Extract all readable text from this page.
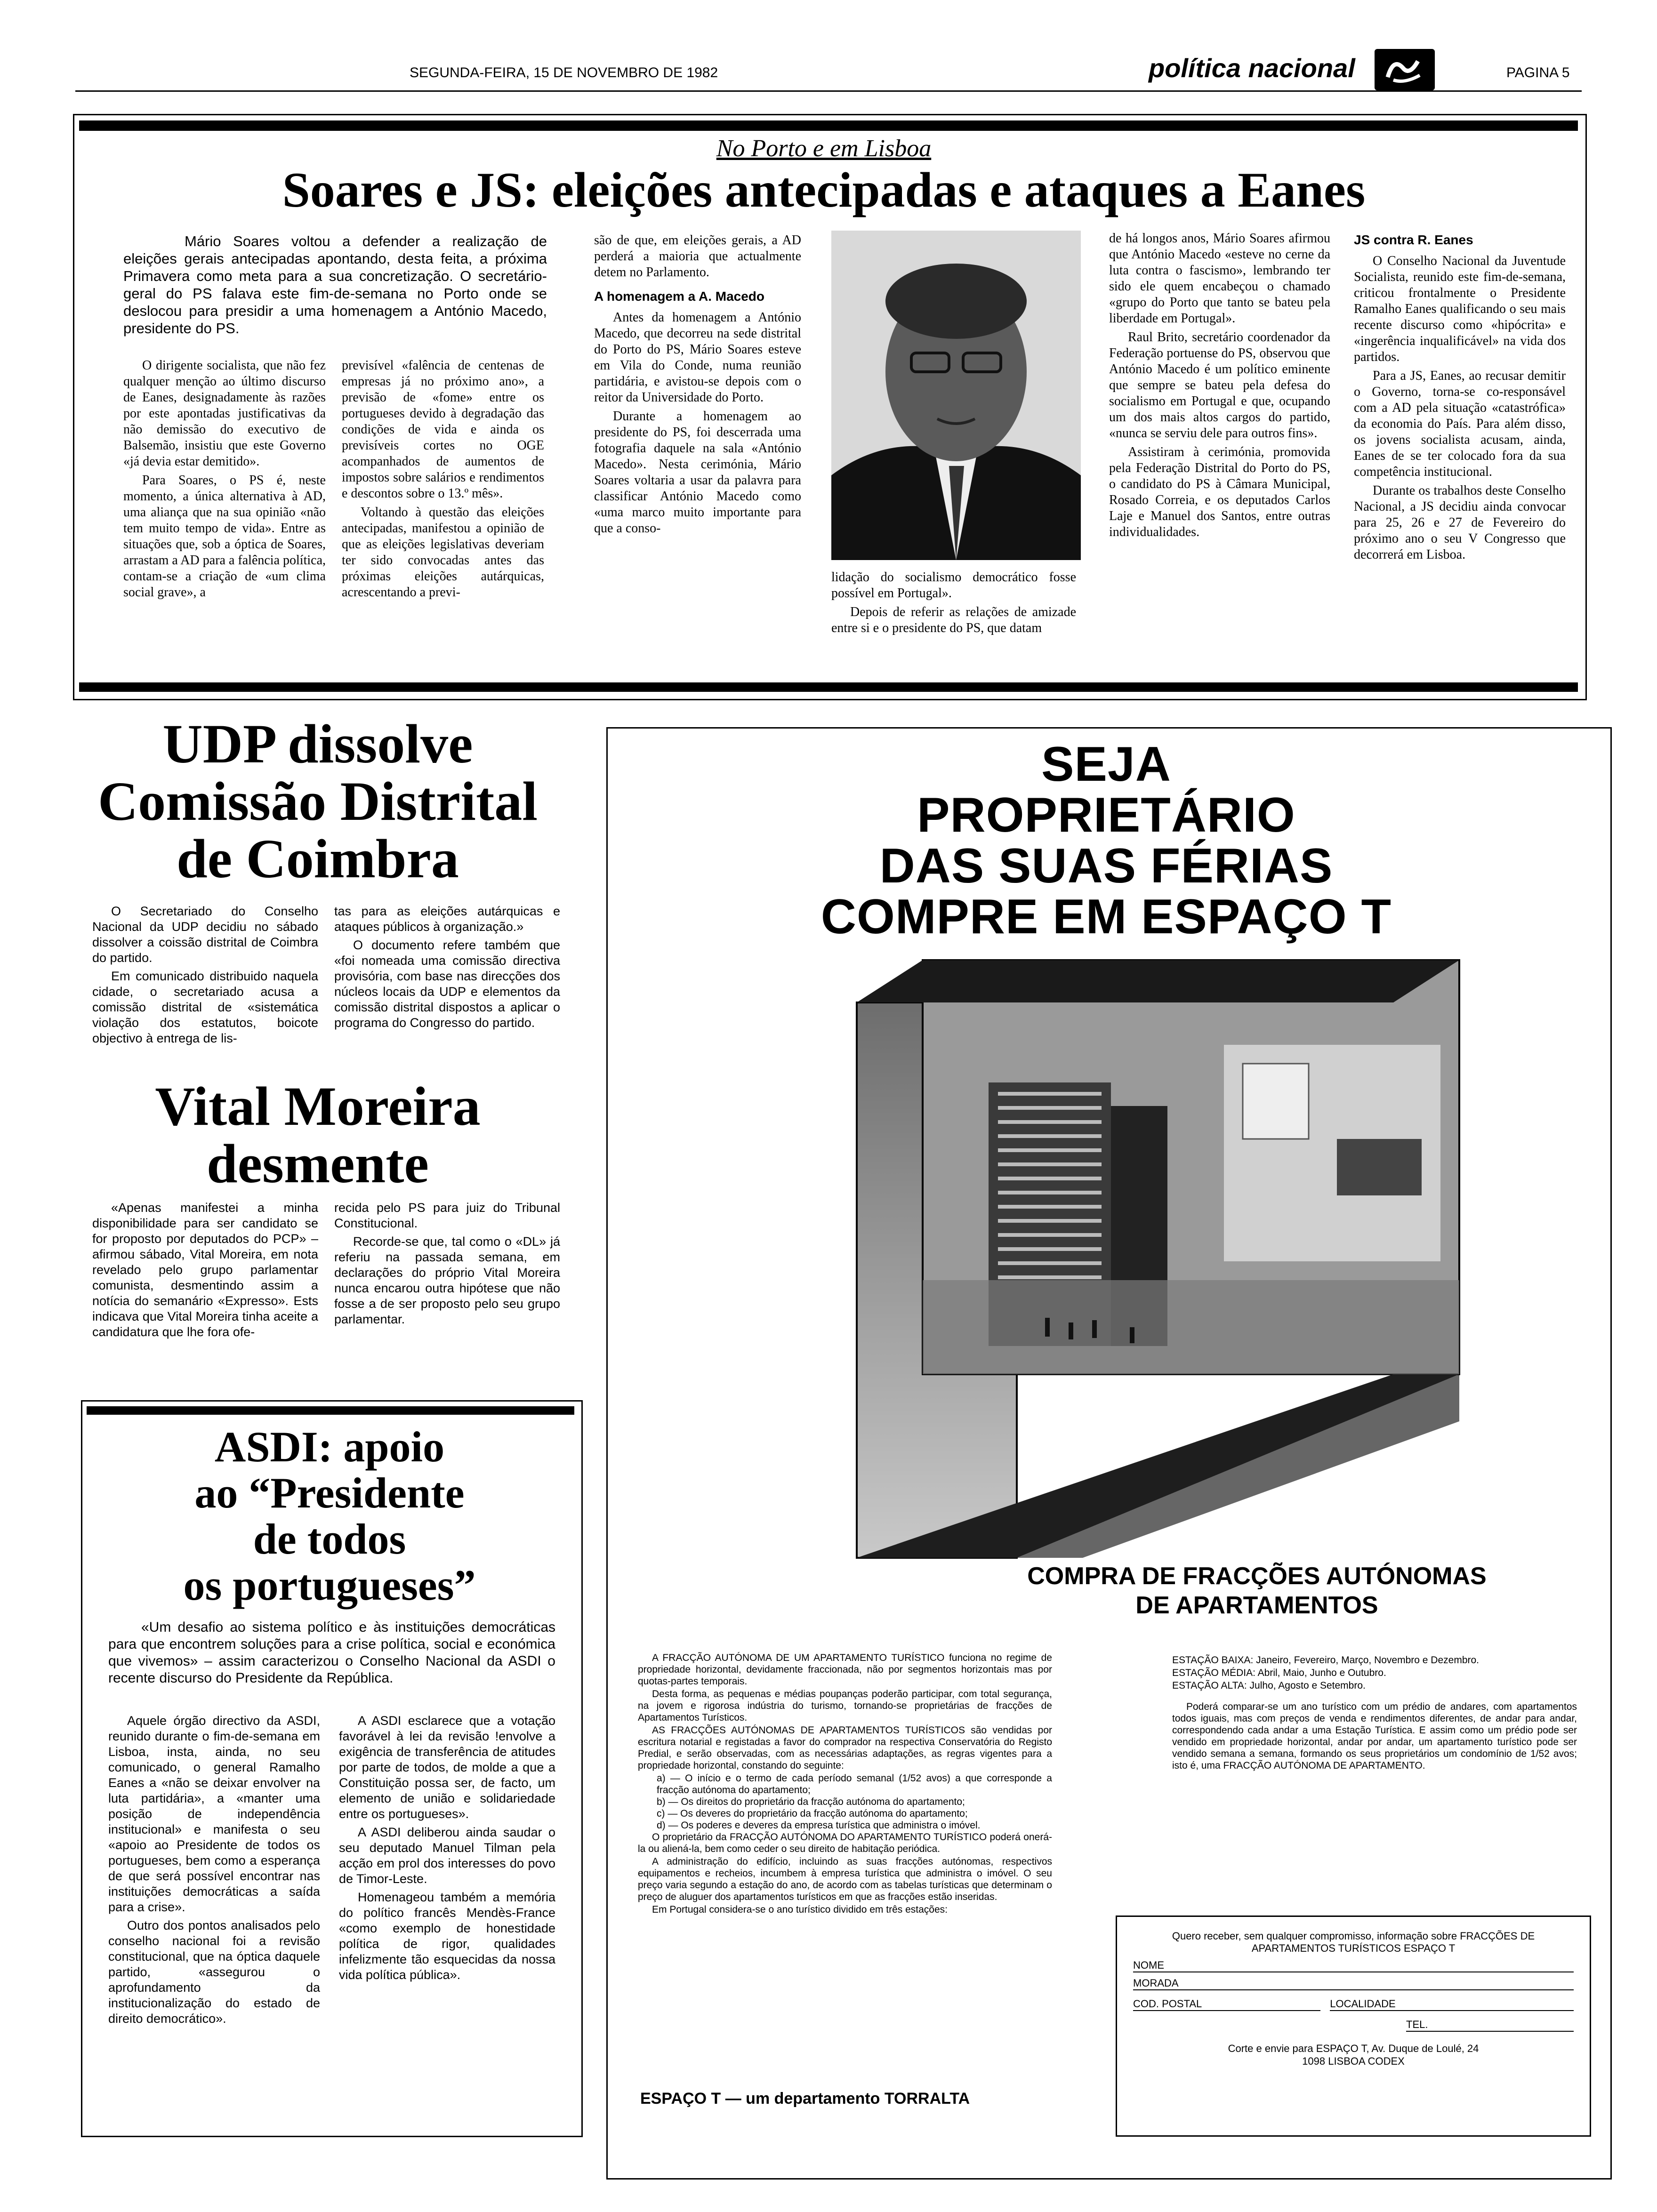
SEGUNDA-FEIRA, 15 DE NOVEMBRO DE 1982	política nacional	PAGINA 5
No Porto e em Lisboa
Soares e JS: eleições antecipadas e ataques a Eanes
Mário Soares voltou a defender a realização de eleições gerais antecipadas apontando, desta feita, a próxima Primavera como meta para a sua concretização. O secretário-geral do PS falava este fim-de-semana no Porto onde se deslocou para presidir a uma homenagem a António Macedo, presidente do PS.

O dirigente socialista, que não fez qualquer menção ao último discurso de Eanes, designadamente às razões por este apontadas justificativas da não demissão do executivo de Balsemão, insistiu que este Governo «já devia estar demitido».

Para Soares, o PS é, neste momento, a única alternativa à AD, uma aliança que na sua opinião «não tem muito tempo de vida». Entre as situações que, sob a óptica de Soares, arrastam a AD para a falência política, contam-se a criação de «um clima social grave», a

previsível «falência de centenas de empresas já no próximo ano», a previsão de «fome» entre os portugueses devido à degradação das condições de vida e ainda os previsíveis cortes no OGE acompanhados de aumentos de impostos sobre salários e rendimentos e descontos sobre o 13.º mês».

Voltando à questão das eleições antecipadas, manifestou a opinião de que as eleições legislativas deveriam ter sido convocadas antes das próximas eleições autárquicas, acrescentando a previ-

são de que, em eleições gerais, a AD perderá a maioria que actualmente detem no Parlamento.

A homenagem a A. Macedo

Antes da homenagem a António Macedo, que decorreu na sede distrital do Porto do PS, Mário Soares esteve em Vila do Conde, numa reunião partidária, e avistou-se depois com o reitor da Universidade do Porto.

Durante a homenagem ao presidente do PS, foi descerrada uma fotografia daquele na sala «António Macedo». Nesta cerimónia, Mário Soares voltaria a usar da palavra para classificar António Macedo como «uma marco muito importante para que a conso-

lidação do socialismo democrático fosse possível em Portugal».

Depois de referir as relações de amizade entre si e o presidente do PS, que datam

de há longos anos, Mário Soares afirmou que António Macedo «esteve no cerne da luta contra o fascismo», lembrando ter sido ele quem encabeçou o chamado «grupo do Porto que tanto se bateu pela liberdade em Portugal».

Raul Brito, secretário coordenador da Federação portuense do PS, observou que António Macedo é um político eminente que sempre se bateu pela defesa do socialismo em Portugal e que, ocupando um dos mais altos cargos do partido, «nunca se serviu dele para outros fins».

Assistiram à cerimónia, promovida pela Federação Distrital do Porto do PS, o candidato do PS à Câmara Municipal, Rosado Correia, e os deputados Carlos Laje e Manuel dos Santos, entre outras individualidades.

JS contra R. Eanes

O Conselho Nacional da Juventude Socialista, reunido este fim-de-semana, criticou frontalmente o Presidente Ramalho Eanes qualificando o seu mais recente discurso como «hipócrita» e «ingerência inqualificável» na vida dos partidos.

Para a JS, Eanes, ao recusar demitir o Governo, torna-se co-responsável com a AD pela situação «catastrófica» da economia do País. Para além disso, os jovens socialista acusam, ainda, Eanes de se ter colocado fora da sua competência institucional.

Durante os trabalhos deste Conselho Nacional, a JS decidiu ainda convocar para 25, 26 e 27 de Fevereiro do próximo ano o seu V Congresso que decorrerá em Lisboa.

UDP dissolve
Comissão Distrital
de Coimbra

O Secretariado do Conselho Nacional da UDP decidiu no sábado dissolver a coissão distrital de Coimbra do partido.

Em comunicado distribuido naquela cidade, o secretariado acusa a comissão distrital de «sistemática violação dos estatutos, boicote objectivo à entrega de lis-

tas para as eleições autárquicas e ataques públicos à organização.»

O documento refere também que «foi nomeada uma comissão directiva provisória, com base nas direcções dos núcleos locais da UDP e elementos da comissão distrital dispostos a aplicar o programa do Congresso do partido.

Vital Moreira
desmente

«Apenas manifestei a minha disponibilidade para ser candidato se for proposto por deputados do PCP» – afirmou sábado, Vital Moreira, em nota revelado pelo grupo parlamentar comunista, desmentindo assim a notícia do semanário «Expresso». Ests indicava que Vital Moreira tinha aceite a candidatura que lhe fora ofe-

recida pelo PS para juiz do Tribunal Constitucional.

Recorde-se que, tal como o «DL» já referiu na passada semana, em declarações do próprio Vital Moreira nunca encarou outra hipótese que não fosse a de ser proposto pelo seu grupo parlamentar.

ASDI: apoio
ao “Presidente
de todos
os portugueses”
«Um desafio ao sistema político e às instituições democráticas para que encontrem soluções para a crise política, social e económica que vivemos» – assim caracterizou o Conselho Nacional da ASDI o recente discurso do Presidente da República.

Aquele órgão directivo da ASDI, reunido durante o fim-de-semana em Lisboa, insta, ainda, no seu comunicado, o general Ramalho Eanes a «não se deixar envolver na luta partidária», a «manter uma posição de independência institucional» e manifesta o seu «apoio ao Presidente de todos os portugueses, bem como a esperança de que será possível encontrar nas instituições democráticas a saída para a crise».

Outro dos pontos analisados pelo conselho nacional foi a revisão constitucional, que na óptica daquele partido, «assegurou o aprofundamento da institucionalização do estado de direito democrático».

A ASDI esclarece que a votação favorável à lei da revisão !envolve a exigência de transferência de atitudes por parte de todos, de molde a que a Constituição possa ser, de facto, um elemento de união e solidariedade entre os portugueses».

A ASDI deliberou ainda saudar o seu deputado Manuel Tilman pela acção em prol dos interesses do povo de Timor-Leste.

Homenageou também a memória do político francês Mendès-France «como exemplo de honestidade política de rigor, qualidades infelizmente tão esquecidas da nossa vida política pública».

SEJA
PROPRIETÁRIO
DAS SUAS FÉRIAS
COMPRE EM ESPAÇO T
COMPRA DE FRACÇÕES AUTÓNOMAS
DE APARTAMENTOS

A FRACÇÃO AUTÓNOMA DE UM APARTAMENTO TURÍSTICO funciona no regime de propriedade horizontal, devidamente fraccionada, não por segmentos horizontais mas por quotas-partes temporais.

Desta forma, as pequenas e médias poupanças poderão participar, com total segurança, na jovem e rigorosa indústria do turismo, tornando-se proprietárias de fracções de Apartamentos Turísticos.

AS FRACÇÕES AUTÓNOMAS DE APARTAMENTOS TURÍSTICOS são vendidas por escritura notarial e registadas a favor do comprador na respectiva Conservatória do Registo Predial, e serão observadas, com as necessárias adaptações, as regras vigentes para a propriedade horizontal, constando do seguinte:

a) — O início e o termo de cada período semanal (1/52 avos) a que corresponde a fracção autónoma do apartamento;

b) — Os direitos do proprietário da fracção autónoma do apartamento;

c) — Os deveres do proprietário da fracção autónoma do apartamento;

d) — Os poderes e deveres da empresa turística que administra o imóvel.

O proprietário da FRACÇÃO AUTÓNOMA DO APARTAMENTO TURÍSTICO poderá onerá-la ou aliená-la, bem como ceder o seu direito de habitação periódica.

A administração do edifício, incluindo as suas fracções autónomas, respectivos equipamentos e recheios, incumbem à empresa turística que administra o imóvel. O seu preço varia segundo a estação do ano, de acordo com as tabelas turísticas que determinam o preço de aluguer dos apartamentos turísticos em que as fracções estão inseridas.

Em Portugal considera-se o ano turístico dividido em três estações:

ESPAÇO T — um departamento TORRALTA

ESTAÇÃO BAIXA: Janeiro, Fevereiro, Março, Novembro e Dezembro.

ESTAÇÃO MÉDIA: Abril, Maio, Junho e Outubro.

ESTAÇÃO ALTA: Julho, Agosto e Setembro.

Poderá comparar-se um ano turístico com um prédio de andares, com apartamentos todos iguais, mas com preços de venda e rendimentos diferentes, de andar para andar, correspondendo cada andar a uma Estação Turística. E assim como um prédio pode ser vendido em propriedade horizontal, andar por andar, um apartamento turístico pode ser vendido semana a semana, formando os seus proprietários um condomínio de 1/52 avos; isto é, uma FRACÇÃO AUTÓNOMA DE APARTAMENTO.

Quero receber, sem qualquer compromisso, informação sobre FRACÇÕES DE APARTAMENTOS TURÍSTICOS ESPAÇO T
NOME
MORADA
COD. POSTAL	LOCALIDADE
TEL.
Corte e envie para ESPAÇO T, Av. Duque de Loulé, 24
1098 LISBOA CODEX
